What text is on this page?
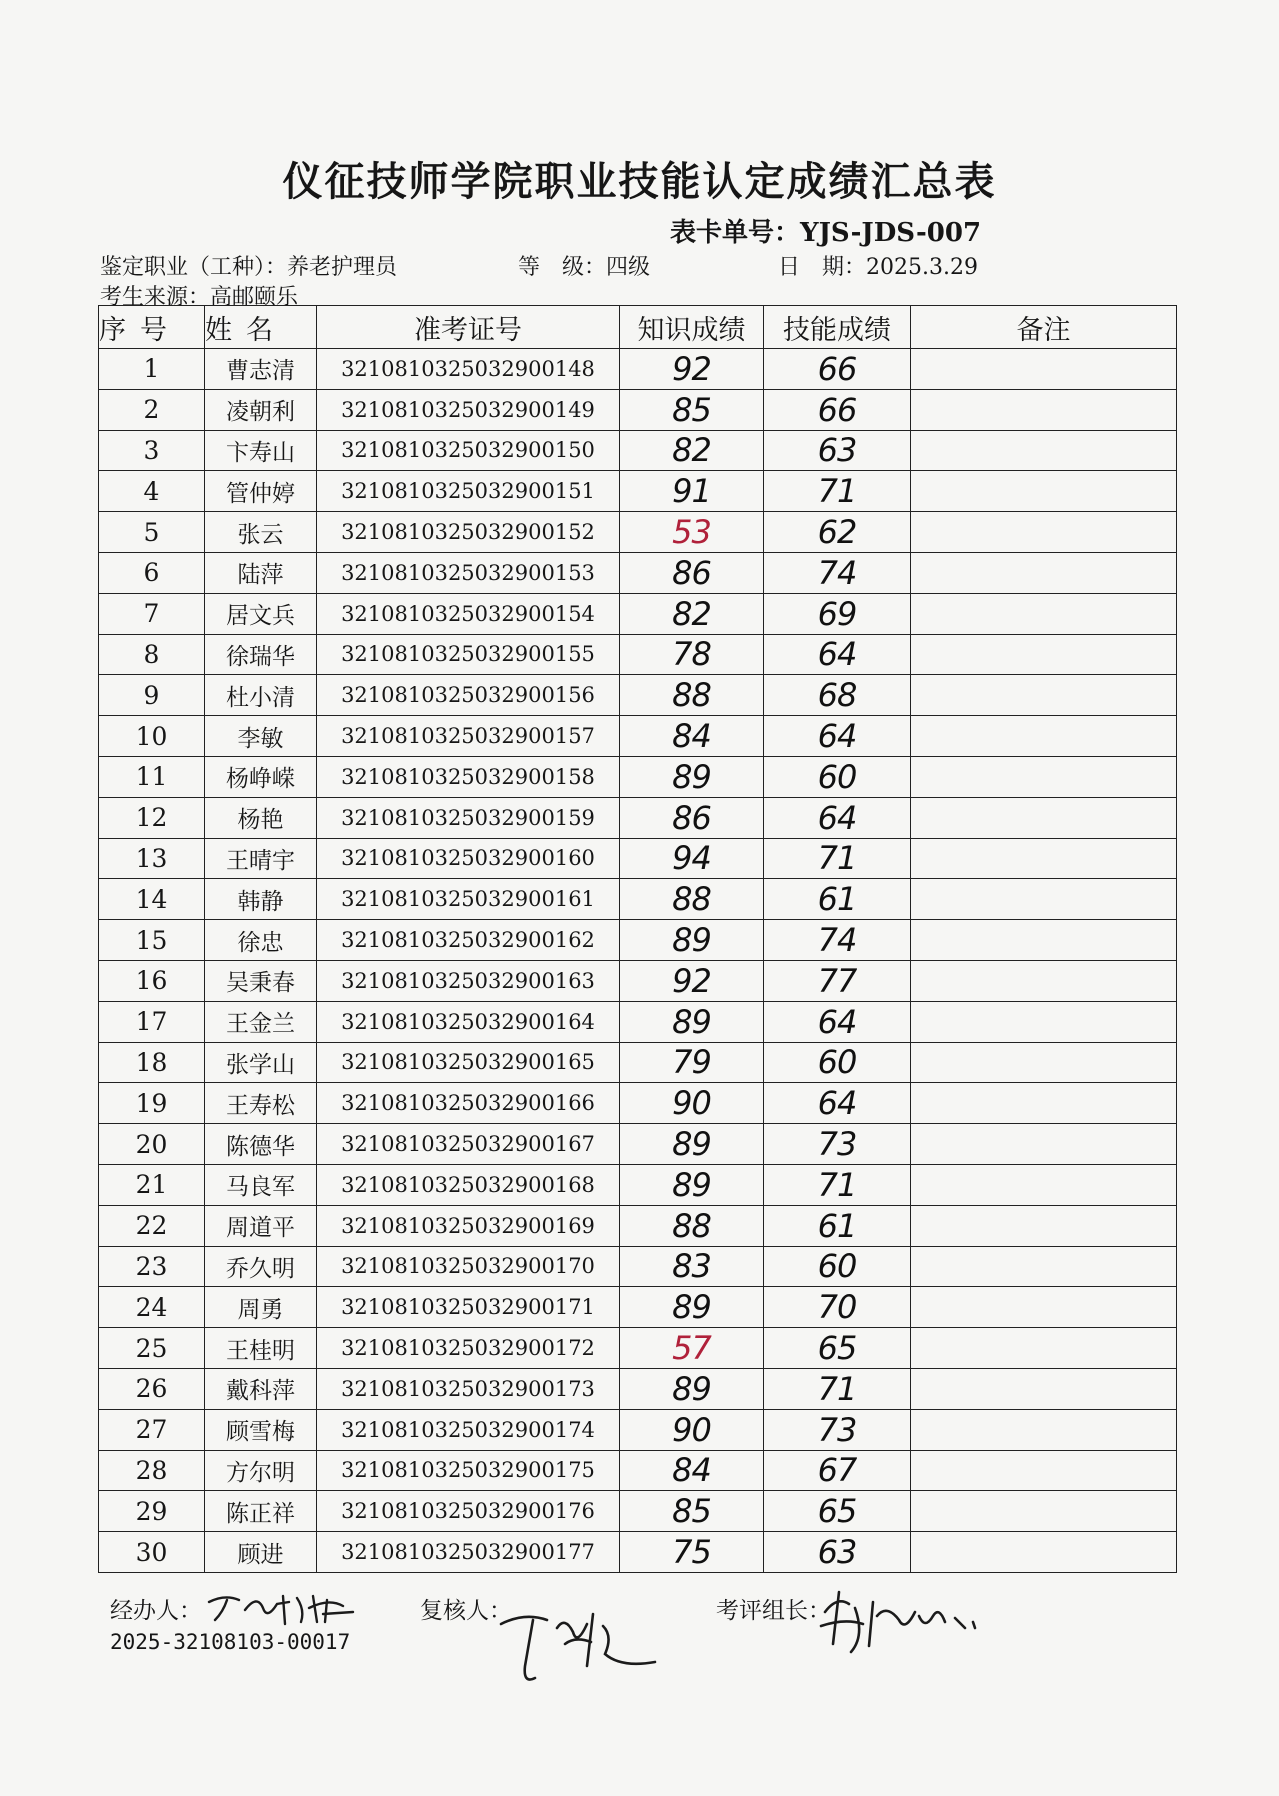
仪征技师学院职业技能认定成绩汇总表
表卡单号：YJS-JDS-007
鉴定职业（工种）：养老护理员	等　级：四级	日　期：2025.3.29
考生来源：高邮颐乐
序号	姓名	准考证号	知识成绩	技能成绩	备注
1	曹志清	3210810325032900148	92	66	
2	凌朝利	3210810325032900149	85	66	
3	卞寿山	3210810325032900150	82	63	
4	管仲婷	3210810325032900151	91	71	
5	张云	3210810325032900152	53	62	
6	陆萍	3210810325032900153	86	74	
7	居文兵	3210810325032900154	82	69	
8	徐瑞华	3210810325032900155	78	64	
9	杜小清	3210810325032900156	88	68	
10	李敏	3210810325032900157	84	64	
11	杨峥嵘	3210810325032900158	89	60	
12	杨艳	3210810325032900159	86	64	
13	王晴宇	3210810325032900160	94	71	
14	韩静	3210810325032900161	88	61	
15	徐忠	3210810325032900162	89	74	
16	吴秉春	3210810325032900163	92	77	
17	王金兰	3210810325032900164	89	64	
18	张学山	3210810325032900165	79	60	
19	王寿松	3210810325032900166	90	64	
20	陈德华	3210810325032900167	89	73	
21	马良军	3210810325032900168	89	71	
22	周道平	3210810325032900169	88	61	
23	乔久明	3210810325032900170	83	60	
24	周勇	3210810325032900171	89	70	
25	王桂明	3210810325032900172	57	65	
26	戴科萍	3210810325032900173	89	71	
27	顾雪梅	3210810325032900174	90	73	
28	方尔明	3210810325032900175	84	67	
29	陈正祥	3210810325032900176	85	65	
30	顾进	3210810325032900177	75	63	
经办人：	复核人：	考评组长：
2025-32108103-00017
